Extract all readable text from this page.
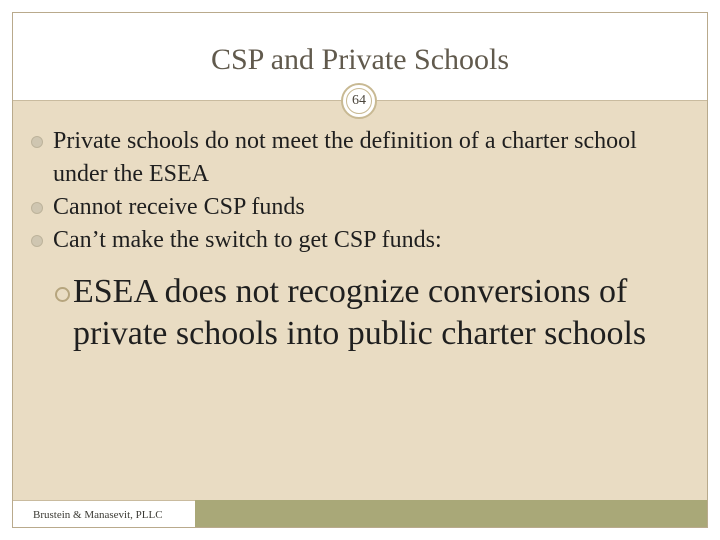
CSP and Private Schools
64
Private schools do not meet the definition of a charter school under the ESEA
Cannot receive CSP funds
Can’t make the switch to get CSP funds:
ESEA does not recognize conversions of private schools into public charter schools
Brustein & Manasevit, PLLC
